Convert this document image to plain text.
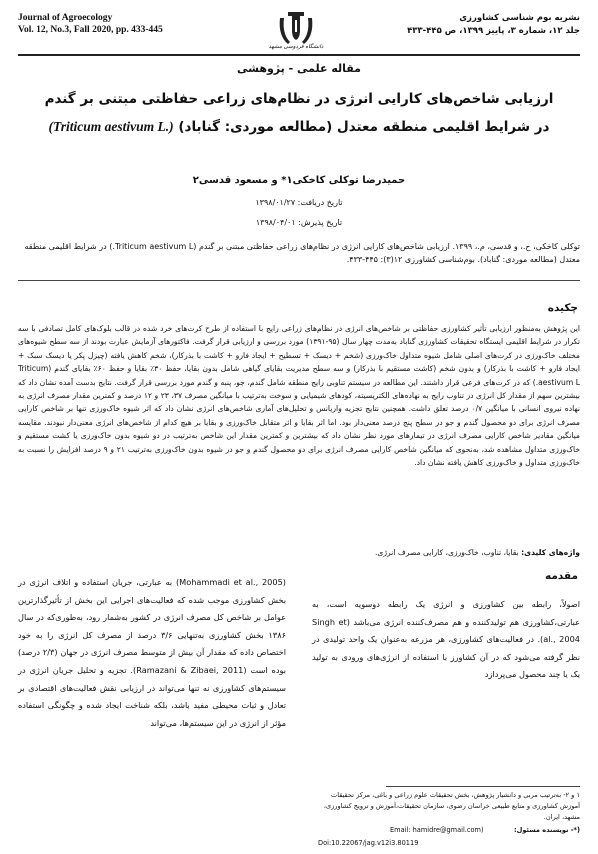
Journal of Agroecology
Vol. 12, No.3, Fall 2020, pp. 433-445
دانشگاه فردوسی مشهد
نشریه بوم شناسی کشاورزی
جلد ۱۲، شماره ۳، پاییز ۱۳۹۹، ص ۴۴۵-۴۳۳
مقاله علمی - پژوهشی
ارزیابی شاخص‌های کارایی انرژی در نظام‌های زراعی حفاظتی مبتنی بر گندم
در شرایط اقلیمی منطقه معتدل (مطالعه موردی: گناباد) (Triticum aestivum L.)
حمیدرضا توکلی کاخکی۱* و مسعود قدسی۲
تاریخ دریافت: ۱۳۹۸/۰۱/۲۷
تاریخ پذیرش: ۱۳۹۸/۰۴/۰۱
توکلی کاخکی، ح.، و قدسی، م.، ۱۳۹۹. ارزیابی شاخص‌های کارایی انرژی در نظام‌های زراعی حفاظتی مبتنی بر گندم (Triticum aestivum L.) در شرایط اقلیمی منطقه معتدل (مطالعه موردی: گناباد). بوم‌شناسی کشاورزی ۱۲(۳): ۴۴۵-۴۳۳.
چکیده
این پژوهش به‌منظور ارزیابی تأثیر کشاورزی حفاظتی بر شاخص‌های انرژی در نظام‌های زراعی رایج با استفاده از طرح کرت‌های خرد شده در قالب بلوک‌های کامل تصادفی با سه تکرار در شرایط اقلیمی ایستگاه تحقیقات کشاورزی گناباد به‌مدت چهار سال (۹۵-۱۳۹۱) مورد بررسی و ارزیابی قرار گرفت. فاکتورهای آزمایش عبارت بودند از سه سطح شیوه‌های مختلف خاک‌ورزی در کرت‌های اصلی شامل شیوه متداول خاک‌ورزی (شخم + دیسک + تسطیح + ایجاد فارو + کاشت با بذرکار)، شخم کاهش یافته (چیزل پکر یا دیسک سبک + ایجاد فارو + کاشت با بذرکار) و بدون شخم (کاشت مستقیم با بذرکار) و سه سطح مدیریت بقایای گیاهی شامل بدون بقایا، حفظ ۳۰٪ بقایا و حفظ ۶۰٪ بقایای گندم (Triticum aestivum L.) که در کرت‌های فرعی قرار داشتند. این مطالعه در سیستم تناوبی رایج منطقه شامل گندم، جو، پنبه و گندم مورد بررسی قرار گرفت. نتایج بدست آمده نشان داد که بیشترین سهم از مقدار کل انرژی در تناوب رایج به نهاده‌های الکتریسیته، کودهای شیمیایی و سوخت به‌ترتیب با میانگین مصرف ۳۷، ۲۳ و ۱۲ درصد و کمترین مقدار مصرف انرژی به نهاده نیروی انسانی با میانگین ۰/۷ درصد تعلق داشت. همچنین نتایج تجزیه واریانس و تحلیل‌های آماری شاخص‌های انرژی نشان داد که اثر شیوه خاک‌ورزی تنها بر شاخص کارایی مصرف انرژی برای دو محصول گندم و جو در سطح پنج درصد معنی‌دار بود. اما اثر بقایا و اثر متقابل خاک‌ورزی و بقایا بر هیچ کدام از شاخص‌های انرژی معنی‌دار نبودند. مقایسه میانگین مقادیر شاخص کارایی مصرف انرژی در تیمارهای مورد نظر نشان داد که بیشترین و کمترین مقدار این شاخص به‌ترتیب در دو شیوه بدون خاک‌ورزی یا کشت مستقیم و خاک‌ورزی متداول مشاهده شد، به‌نحوی که میانگین شاخص کارایی مصرف انرژی برای دو محصول گندم و جو در شیوه بدون خاک‌ورزی به‌ترتیب ۲۱ و ۹ درصد افزایش را نسبت به خاک‌ورزی متداول و خاک‌ورزی کاهش یافته نشان داد.
واژه‌های کلیدی: بقایا، تناوب، خاک‌ورزی، کارایی مصرف انرژی.
مقدمه
اصولاً، رابطه بین کشاورزی و انرژی یک رابطه دوسویه است، به عبارتی،کشاورزی هم تولیدکننده و هم مصرف‌کننده انرژی می‌باشد (Singh et al., 2004). در فعالیت‌های کشاورزی، هر مزرعه به‌عنوان یک واحد تولیدی در نظر گرفته می‌شود که در آن کشاورز با استفاده از انرژی‌های ورودی به تولید یک یا چند محصول می‌پردازد
(Mohammadi et al., 2005) به عبارتی، جریان استفاده و اتلاف انرژی در بخش کشاورزی موجب شده که فعالیت‌های اجرایی این بخش از تأثیرگذارترین عوامل بر شاخص کل مصرف انرژی در کشور به‌شمار رود، به‌طوری‌که در سال ۱۳۸۶ بخش کشاورزی به‌تنهایی ۳/۶ درصد از مصرف کل انرژی را به خود اختصاص داده که مقدار آن بیش از متوسط مصرف انرژی در جهان (۲/۳ درصد) بوده است (Ramazani & Zibaei, 2011). تجزیه و تحلیل جریان انرژی در سیستم‌های کشاورزی نه تنها می‌تواند در ارزیابی نقش فعالیت‌های اقتصادی بر تعادل و ثبات محیطی مفید باشد، بلکه شناخت ایجاد شده و چگونگی استفاده مؤثر از انرژی در این سیستم‌ها، می‌تواند
۱ و ۲- به‌ترتیب مربی و دانشیار پژوهش، بخش تحقیقات علوم زراعی و باغی، مرکز تحقیقات آموزش کشاورزی و منابع طبیعی خراسان رضوی، سازمان تحقیقات،آموزش و ترویج کشاورزی، مشهد، ایران.
(*- نویسنده مسئول:
Email: hamidre@gmail.com)
Doi:10.22067/jag.v12i3.80119
